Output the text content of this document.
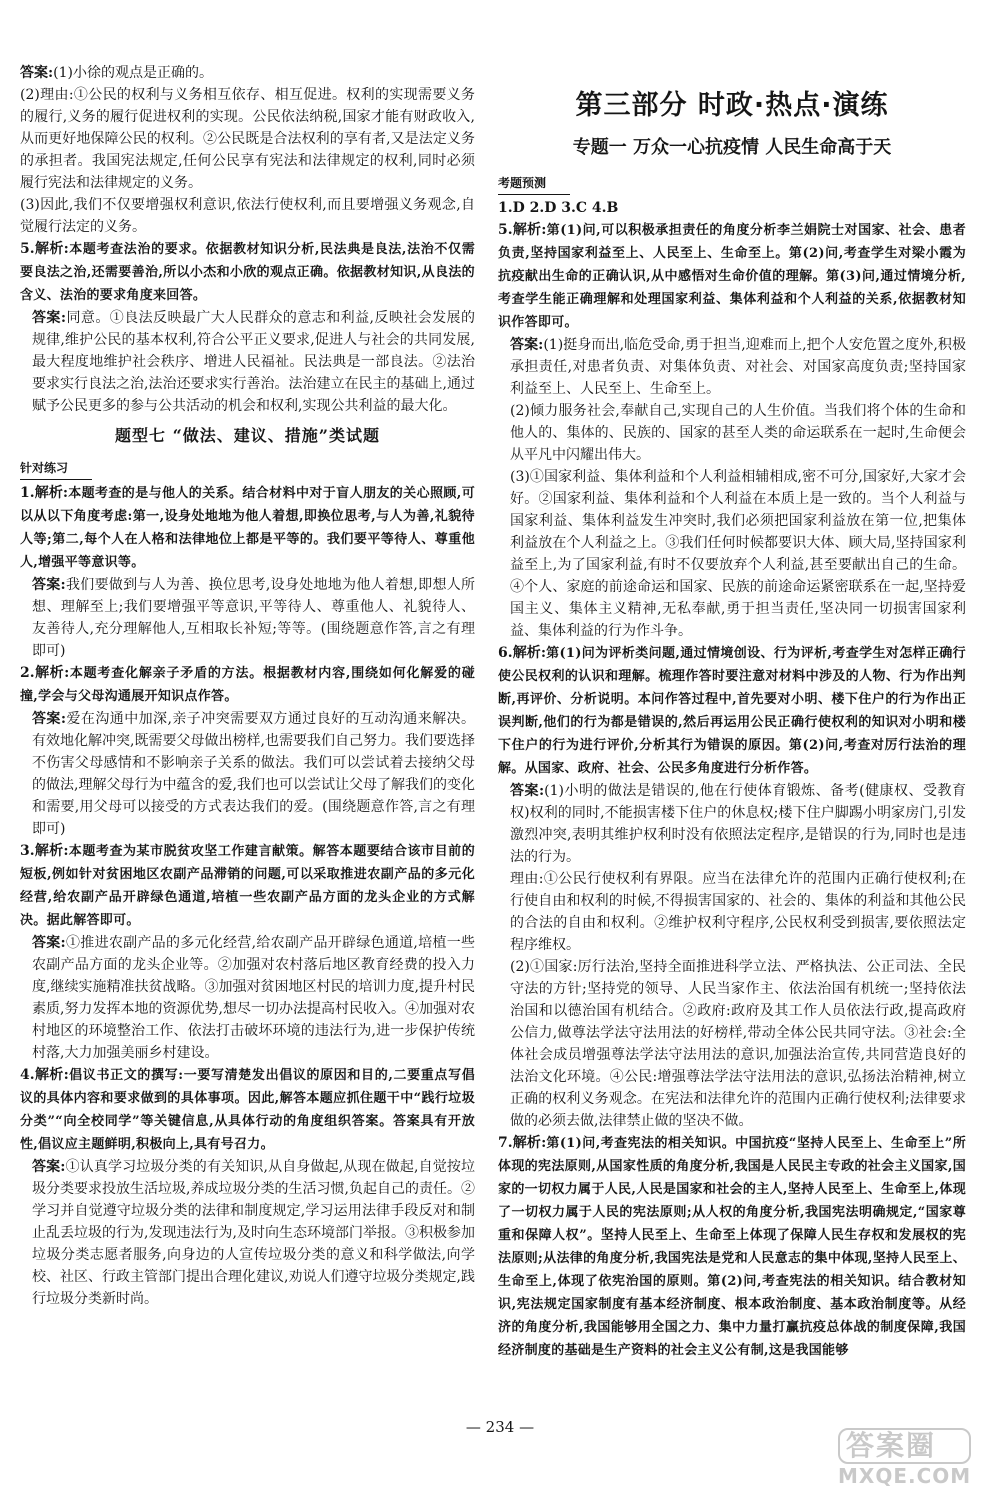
答案:(1)小徐的观点是正确的。

(2)理由:①公民的权利与义务相互依存、相互促进。权利的实现需要义务的履行,义务的履行促进权利的实现。公民依法纳税,国家才能有财政收入,从而更好地保障公民的权利。②公民既是合法权利的享有者,又是法定义务的承担者。我国宪法规定,任何公民享有宪法和法律规定的权利,同时必须履行宪法和法律规定的义务。

(3)因此,我们不仅要增强权利意识,依法行使权利,而且要增强义务观念,自觉履行法定的义务。

5.解析:本题考查法治的要求。依据教材知识分析,民法典是良法,法治不仅需要良法之治,还需要善治,所以小杰和小欣的观点正确。依据教材知识,从良法的含义、法治的要求角度来回答。

答案:同意。①良法反映最广大人民群众的意志和利益,反映社会发展的规律,维护公民的基本权利,符合公平正义要求,促进人与社会的共同发展,最大程度地维护社会秩序、增进人民福祉。民法典是一部良法。②法治要求实行良法之治,法治还要求实行善治。法治建立在民主的基础上,通过赋予公民更多的参与公共活动的机会和权利,实现公共利益的最大化。

题型七 “做法、建议、措施”类试题
针对练习

1.解析:本题考查的是与他人的关系。结合材料中对于盲人朋友的关心照顾,可以从以下角度考虑:第一,设身处地地为他人着想,即换位思考,与人为善,礼貌待人等;第二,每个人在人格和法律地位上都是平等的。我们要平等待人、尊重他人,增强平等意识等。

答案:我们要做到与人为善、换位思考,设身处地地为他人着想,即想人所想、理解至上;我们要增强平等意识,平等待人、尊重他人、礼貌待人、友善待人,充分理解他人,互相取长补短;等等。(围绕题意作答,言之有理即可)

2.解析:本题考查化解亲子矛盾的方法。根据教材内容,围绕如何化解爱的碰撞,学会与父母沟通展开知识点作答。

答案:爱在沟通中加深,亲子冲突需要双方通过良好的互动沟通来解决。有效地化解冲突,既需要父母做出榜样,也需要我们自己努力。我们要选择不伤害父母感情和不影响亲子关系的做法。我们可以尝试着去接纳父母的做法,理解父母行为中蕴含的爱,我们也可以尝试让父母了解我们的变化和需要,用父母可以接受的方式表达我们的爱。(围绕题意作答,言之有理即可)

3.解析:本题考查为某市脱贫攻坚工作建言献策。解答本题要结合该市目前的短板,例如针对贫困地区农副产品滞销的问题,可以采取推进农副产品的多元化经营,给农副产品开辟绿色通道,培植一些农副产品方面的龙头企业的方式解决。据此解答即可。

答案:①推进农副产品的多元化经营,给农副产品开辟绿色通道,培植一些农副产品方面的龙头企业等。②加强对农村落后地区教育经费的投入力度,继续实施精准扶贫战略。③加强对贫困地区村民的培训力度,提升村民素质,努力发挥本地的资源优势,想尽一切办法提高村民收入。④加强对农村地区的环境整治工作、依法打击破坏环境的违法行为,进一步保护传统村落,大力加强美丽乡村建设。

4.解析:倡议书正文的撰写:一要写清楚发出倡议的原因和目的,二要重点写倡议的具体内容和要求做到的具体事项。因此,解答本题应抓住题干中“践行垃圾分类”“向全校同学”等关键信息,从具体行动的角度组织答案。答案具有开放性,倡议应主题鲜明,积极向上,具有号召力。

答案:①认真学习垃圾分类的有关知识,从自身做起,从现在做起,自觉按垃圾分类要求投放生活垃圾,养成垃圾分类的生活习惯,负起自己的责任。②学习并自觉遵守垃圾分类的法律和制度规定,学习运用法律手段反对和制止乱丢垃圾的行为,发现违法行为,及时向生态环境部门举报。③积极参加垃圾分类志愿者服务,向身边的人宣传垃圾分类的意义和科学做法,向学校、社区、行政主管部门提出合理化建议,劝说人们遵守垃圾分类规定,践行垃圾分类新时尚。

第三部分 时政·热点·演练
专题一 万众一心抗疫情 人民生命高于天
考题预测

1.D 2.D 3.C 4.B

5.解析:第(1)问,可以积极承担责任的角度分析李兰娟院士对国家、社会、患者负责,坚持国家利益至上、人民至上、生命至上。第(2)问,考查学生对梁小霞为抗疫献出生命的正确认识,从中感悟对生命价值的理解。第(3)问,通过情境分析,考查学生能正确理解和处理国家利益、集体利益和个人利益的关系,依据教材知识作答即可。

答案:(1)挺身而出,临危受命,勇于担当,迎难而上,把个人安危置之度外,积极承担责任,对患者负责、对集体负责、对社会、对国家高度负责;坚持国家利益至上、人民至上、生命至上。

(2)倾力服务社会,奉献自己,实现自己的人生价值。当我们将个体的生命和他人的、集体的、民族的、国家的甚至人类的命运联系在一起时,生命便会从平凡中闪耀出伟大。

(3)①国家利益、集体利益和个人利益相辅相成,密不可分,国家好,大家才会好。②国家利益、集体利益和个人利益在本质上是一致的。当个人利益与国家利益、集体利益发生冲突时,我们必须把国家利益放在第一位,把集体利益放在个人利益之上。③我们任何时候都要识大体、顾大局,坚持国家利益至上,为了国家利益,有时不仅要放弃个人利益,甚至要献出自己的生命。④个人、家庭的前途命运和国家、民族的前途命运紧密联系在一起,坚持爱国主义、集体主义精神,无私奉献,勇于担当责任,坚决同一切损害国家利益、集体利益的行为作斗争。

6.解析:第(1)问为评析类问题,通过情境创设、行为评析,考查学生对怎样正确行使公民权利的认识和理解。梳理作答时要注意对材料中涉及的人物、行为作出判断,再评价、分析说明。本问作答过程中,首先要对小明、楼下住户的行为作出正误判断,他们的行为都是错误的,然后再运用公民正确行使权利的知识对小明和楼下住户的行为进行评价,分析其行为错误的原因。第(2)问,考查对厉行法治的理解。从国家、政府、社会、公民多角度进行分析作答。

答案:(1)小明的做法是错误的,他在行使体育锻炼、备考(健康权、受教育权)权利的同时,不能损害楼下住户的休息权;楼下住户脚踢小明家房门,引发激烈冲突,表明其维护权利时没有依照法定程序,是错误的行为,同时也是违法的行为。

理由:①公民行使权利有界限。应当在法律允许的范围内正确行使权利;在行使自由和权利的时候,不得损害国家的、社会的、集体的利益和其他公民的合法的自由和权利。②维护权利守程序,公民权利受到损害,要依照法定程序维权。

(2)①国家:厉行法治,坚持全面推进科学立法、严格执法、公正司法、全民守法的方针;坚持党的领导、人民当家作主、依法治国有机统一;坚持依法治国和以德治国有机结合。②政府:政府及其工作人员依法行政,提高政府公信力,做尊法学法守法用法的好榜样,带动全体公民共同守法。③社会:全体社会成员增强尊法学法守法用法的意识,加强法治宣传,共同营造良好的法治文化环境。④公民:增强尊法学法守法用法的意识,弘扬法治精神,树立正确的权利义务观念。在宪法和法律允许的范围内正确行使权利;法律要求做的必须去做,法律禁止做的坚决不做。

7.解析:第(1)问,考查宪法的相关知识。中国抗疫“坚持人民至上、生命至上”所体现的宪法原则,从国家性质的角度分析,我国是人民民主专政的社会主义国家,国家的一切权力属于人民,人民是国家和社会的主人,坚持人民至上、生命至上,体现了一切权力属于人民的宪法原则;从人权的角度分析,我国宪法明确规定,“国家尊重和保障人权”。坚持人民至上、生命至上体现了保障人民生存权和发展权的宪法原则;从法律的角度分析,我国宪法是党和人民意志的集中体现,坚持人民至上、生命至上,体现了依宪治国的原则。第(2)问,考查宪法的相关知识。结合教材知识,宪法规定国家制度有基本经济制度、根本政治制度、基本政治制度等。从经济的角度分析,我国能够用全国之力、集中力量打赢抗疫总体战的制度保障,我国经济制度的基础是生产资料的社会主义公有制,这是我国能够

— 234 —
答案圈
MXQE.COM
